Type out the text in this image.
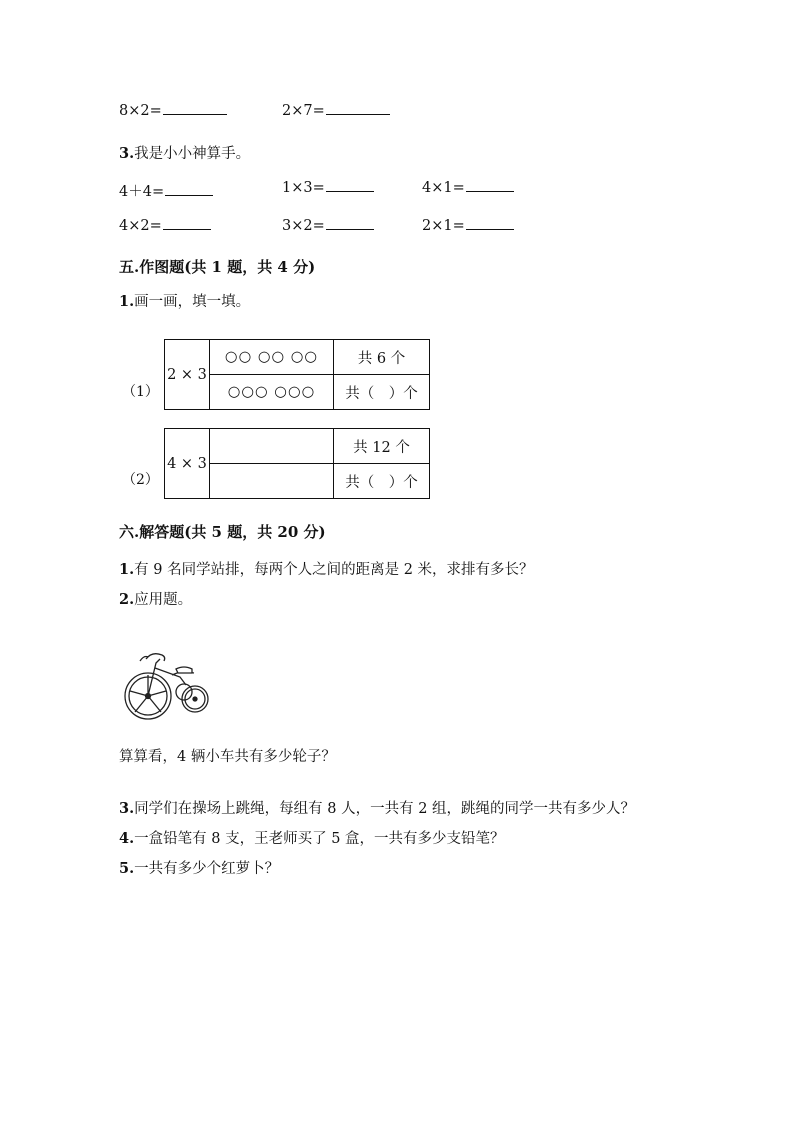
8×2=	2×7=
3.我是小小神算手。
4＋4=	1×3=	4×1=
4×2=	3×2=	2×1=
五.作图题(共 1 题，共 4 分)
1.画一画，填一填。
（1）
2 × 3	○○ ○○ ○○	共 6 个
	○○○ ○○○	共（　）个
（2）
4 × 3		共 12 个
		共（　）个
六.解答题(共 5 题，共 20 分)
1.有 9 名同学站排，每两个人之间的距离是 2 米，求排有多长？
2.应用题。
算算看，4 辆小车共有多少轮子？
3.同学们在操场上跳绳，每组有 8 人，一共有 2 组，跳绳的同学一共有多少人？
4.一盒铅笔有 8 支，王老师买了 5 盒，一共有多少支铅笔？
5.一共有多少个红萝卜？
